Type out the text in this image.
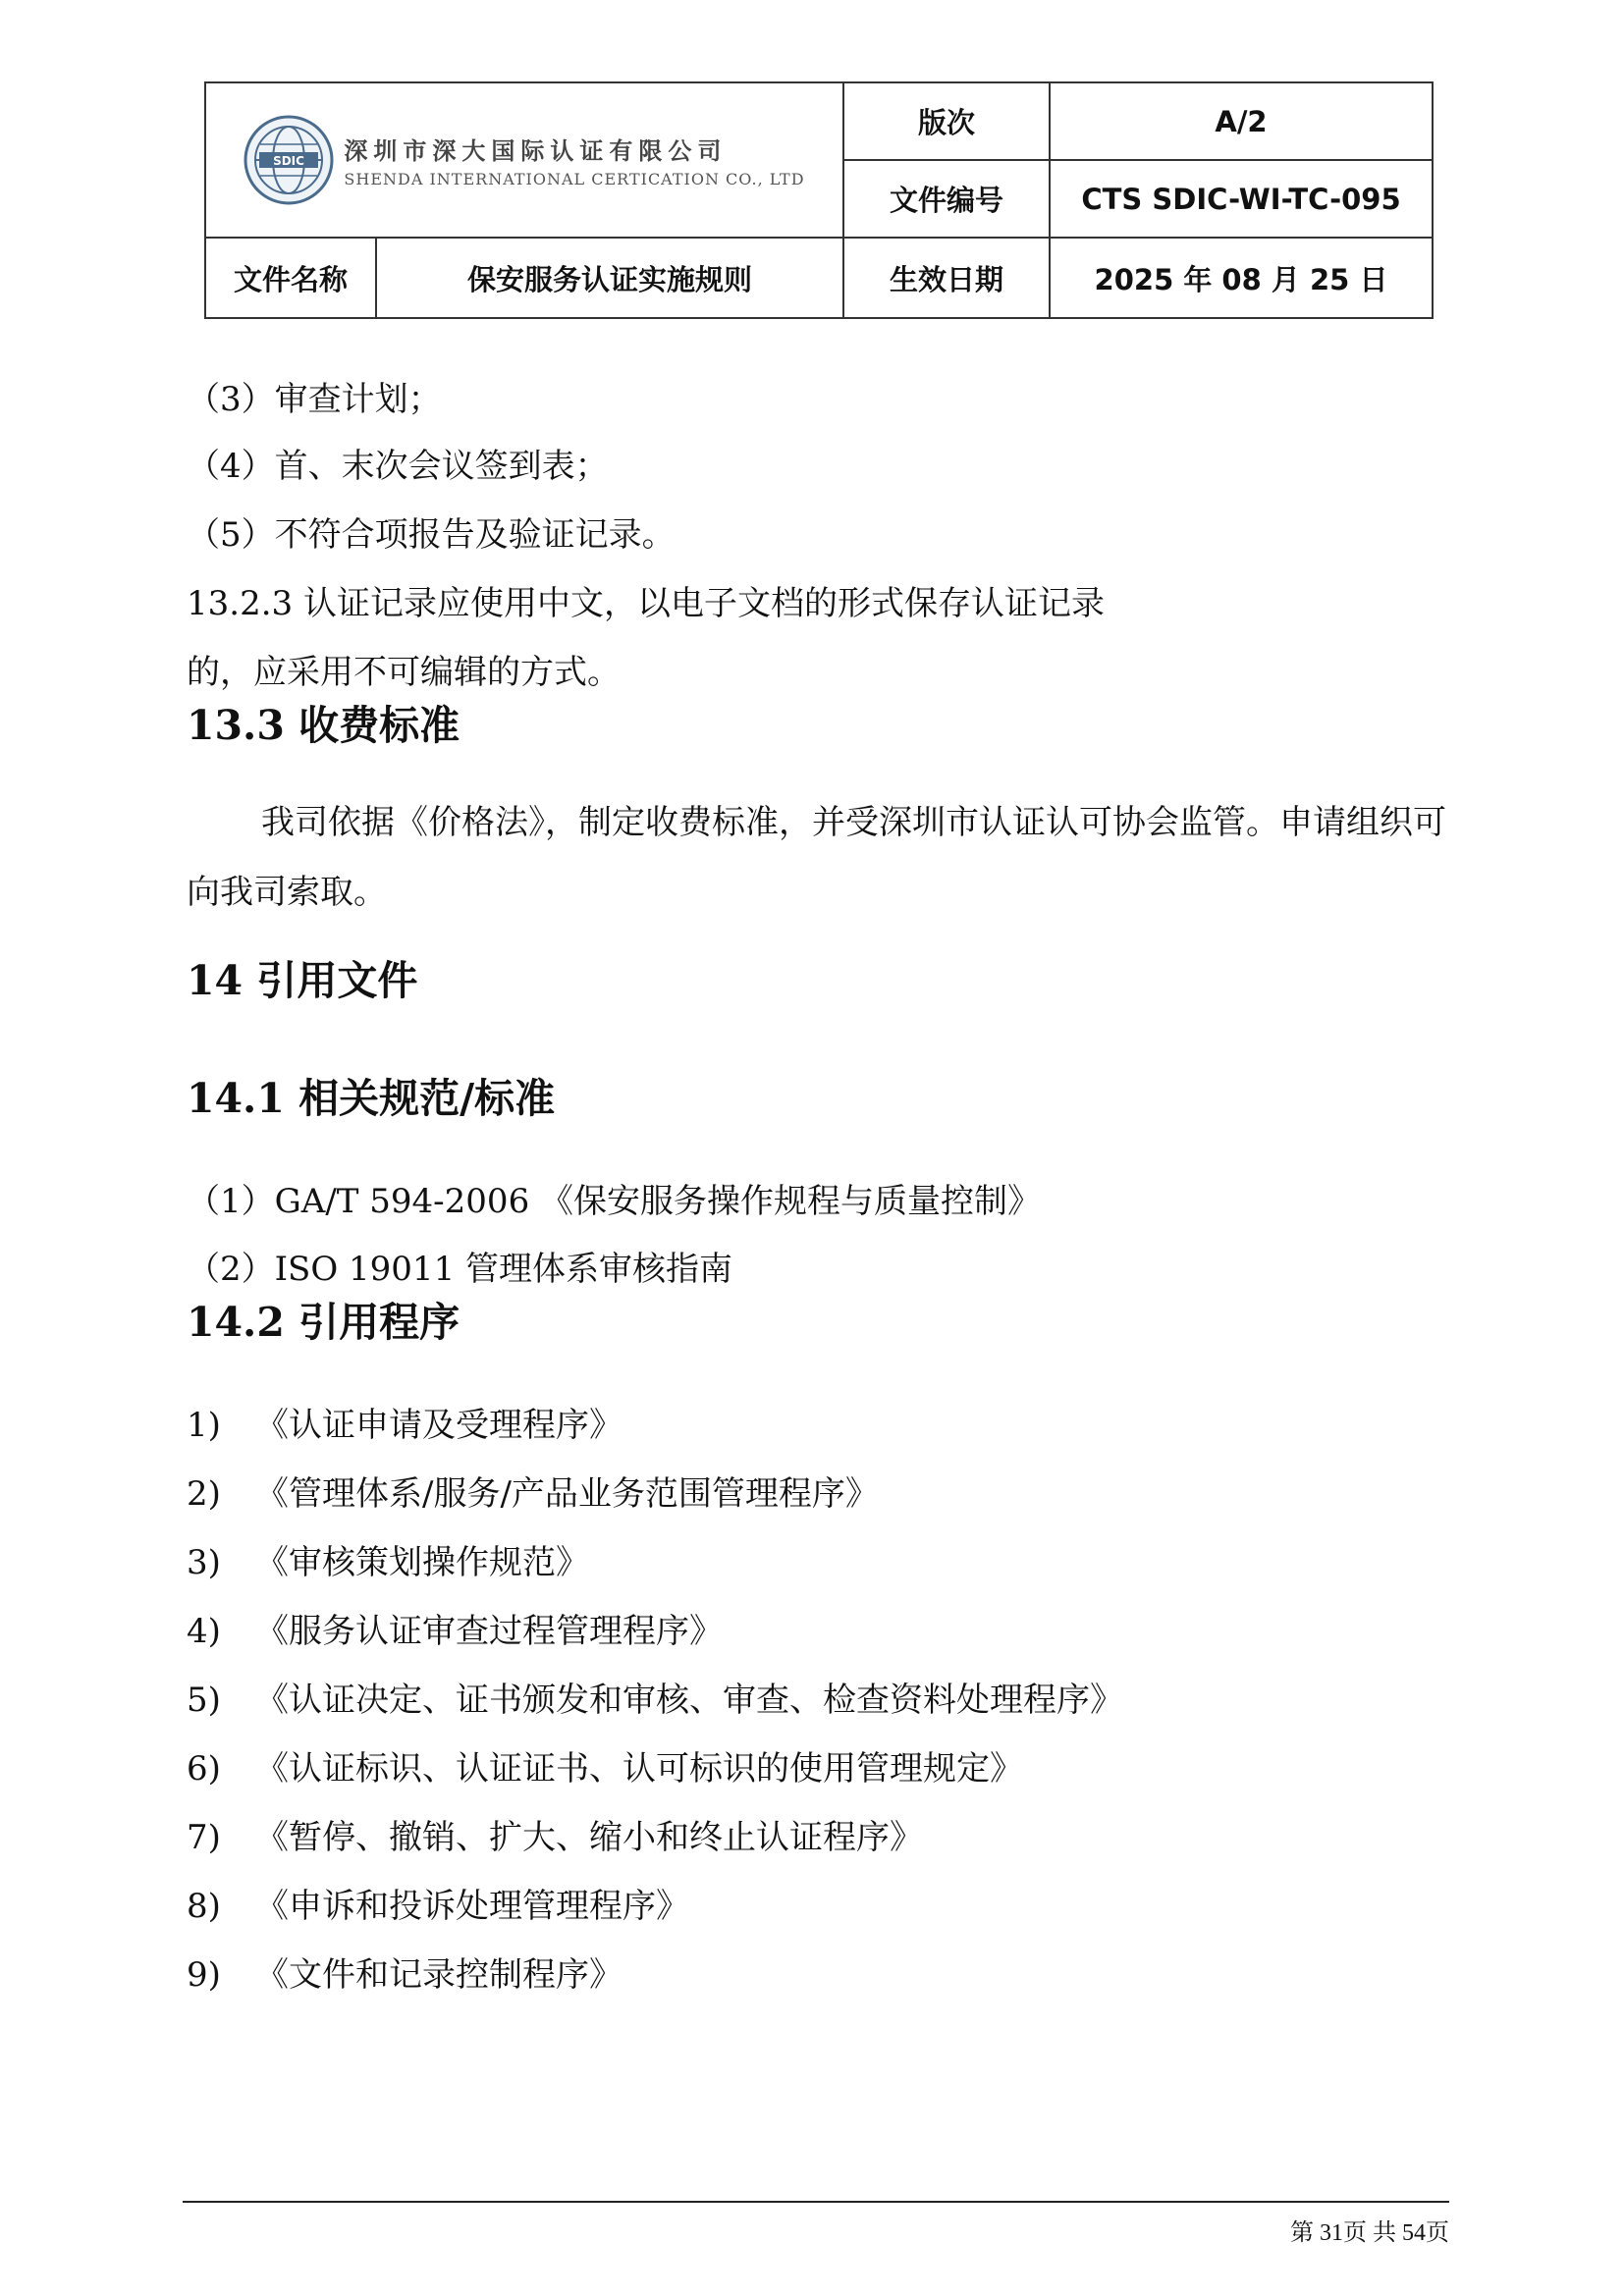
SDIC 深圳市深大国际认证有限公司
SHENDA INTERNATIONAL CERTICATION CO., LTD		版次	A/2
		文件编号	CTS SDIC-WI-TC-095
文件名称	保安服务认证实施规则	生效日期	2025 年 08 月 25 日
（3）审查计划；
（4）首、末次会议签到表；
（5）不符合项报告及验证记录。
13.2.3 认证记录应使用中文，以电子文档的形式保存认证记录
的，应采用不可编辑的方式。
13.3 收费标准
我司依据《价格法》，制定收费标准，并受深圳市认证认可协会监管。申请组织可向我司索取。
14 引用文件
14.1 相关规范/标准
（1）GA/T 594-2006 《保安服务操作规程与质量控制》
（2）ISO 19011 管理体系审核指南
14.2 引用程序
1) 《认证申请及受理程序》
2) 《管理体系/服务/产品业务范围管理程序》
3) 《审核策划操作规范》
4) 《服务认证审查过程管理程序》
5) 《认证决定、证书颁发和审核、审查、检查资料处理程序》
6) 《认证标识、认证证书、认可标识的使用管理规定》
7) 《暂停、撤销、扩大、缩小和终止认证程序》
8) 《申诉和投诉处理管理程序》
9) 《文件和记录控制程序》
第 31页 共 54页
